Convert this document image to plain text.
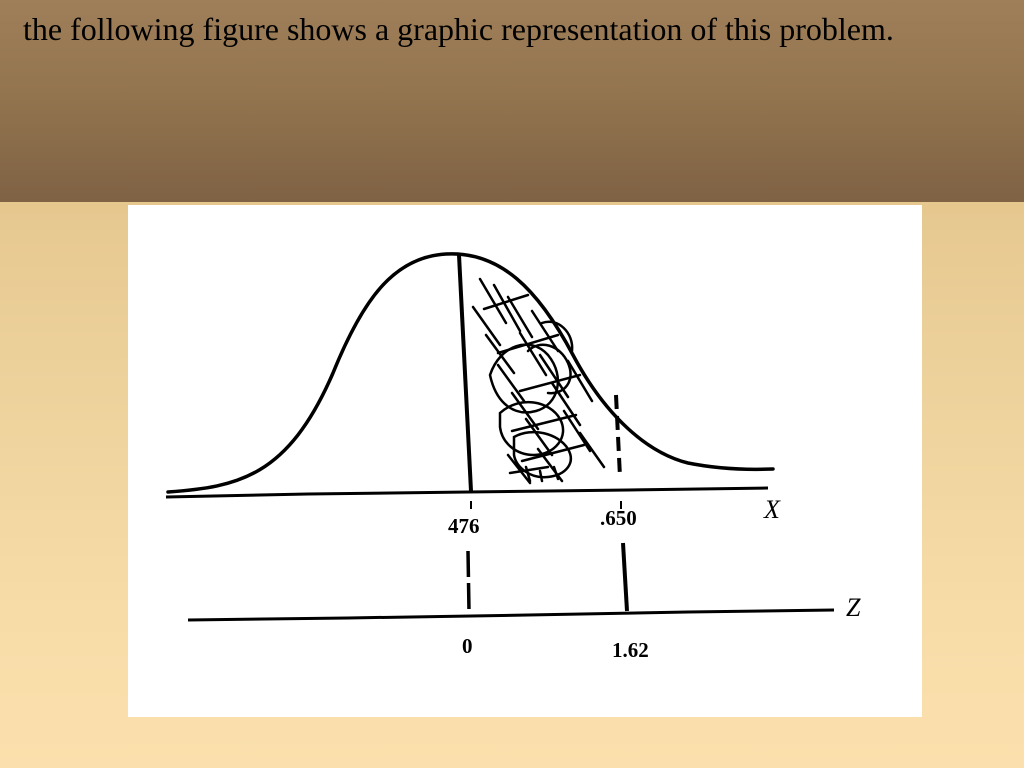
the following figure shows a graphic representation of this problem.

X
476	.650
Z
0	1.62
